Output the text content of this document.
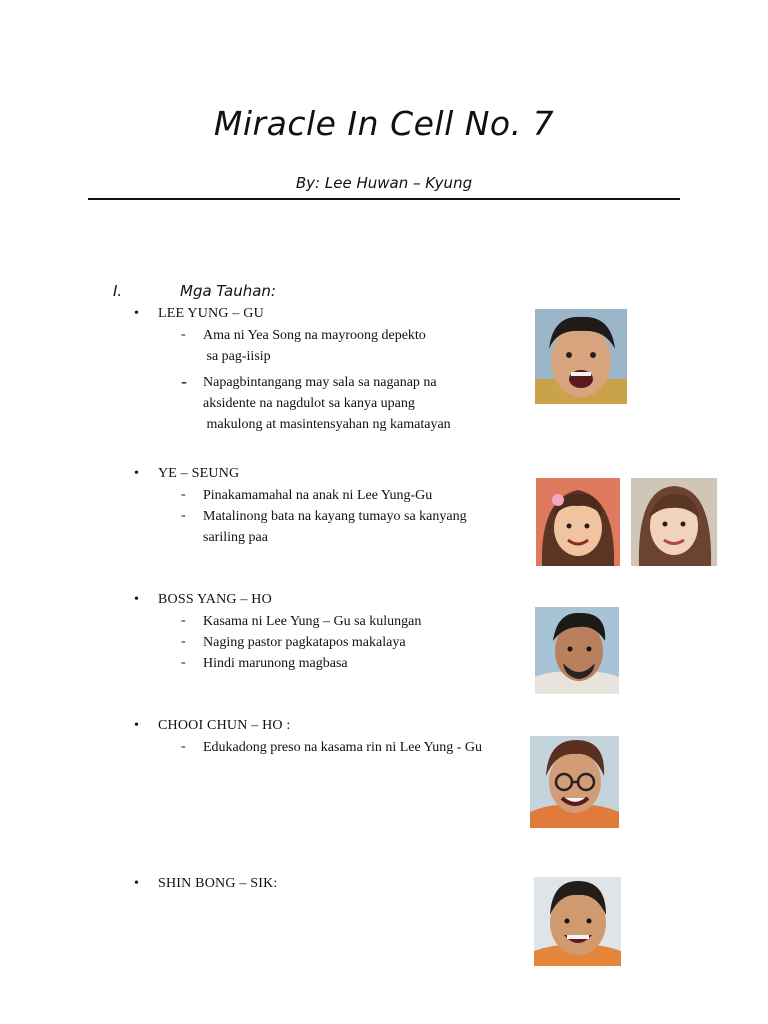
Miracle In Cell No. 7
By: Lee Huwan – Kyung
I.	Mga Tauhan:
• LEE YUNG – GU
- Ama ni Yea Song na mayroong depekto
sa pag-iisip
- Napagbintangang may sala sa naganap na
aksidente na nagdulot sa kanya upang
makulong at masintensyahan ng kamatayan
• YE – SEUNG
- Pinakamamahal na anak ni Lee Yung-Gu
- Matalinong bata na kayang tumayo sa kanyang
sariling paa
• BOSS YANG – HO
- Kasama ni Lee Yung – Gu sa kulungan
- Naging pastor pagkatapos makalaya
- Hindi marunong magbasa
• CHOOI CHUN – HO :
- Edukadong preso na kasama rin ni Lee Yung - Gu
• SHIN BONG – SIK:
